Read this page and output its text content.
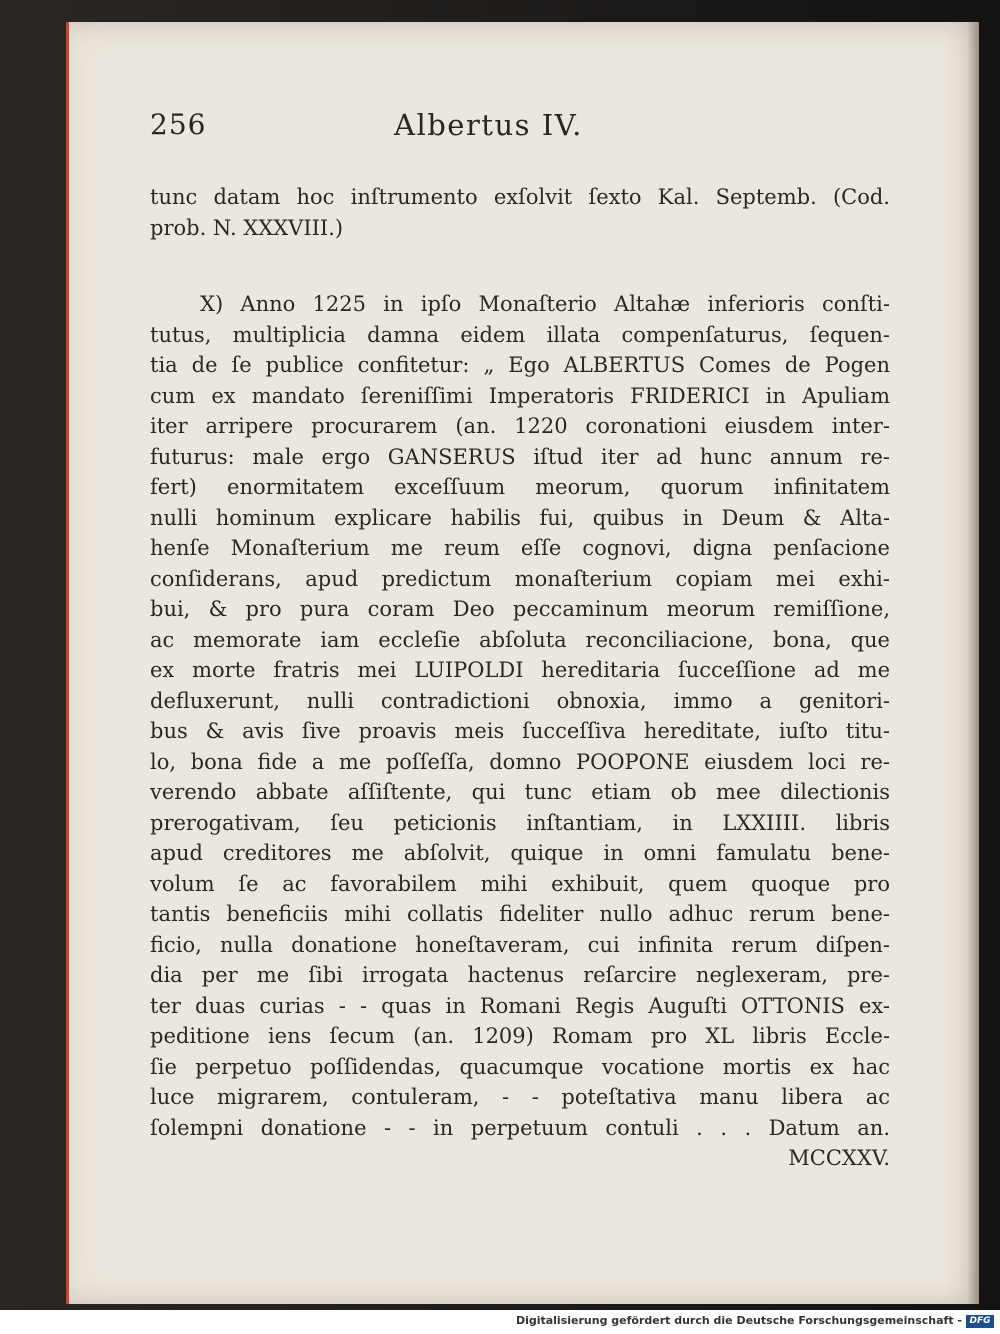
256	Albertus IV.
tunc datam hoc inſtrumento exſolvit ſexto Kal. Septemb. (Cod.
prob. N. XXXVIII.)
X) Anno 1225 in ipſo Monaſterio Altahæ inferioris conſti-
tutus, multiplicia damna eidem illata compenſaturus, ſequen-
tia de ſe publice confitetur: „ Ego ALBERTUS Comes de Pogen
cum ex mandato ſereniſſimi Imperatoris FRIDERICI in Apuliam
iter arripere procurarem (an. 1220 coronationi eiusdem inter-
futurus: male ergo GANSERUS iſtud iter ad hunc annum re-
fert) enormitatem exceſſuum meorum, quorum infinitatem
nulli hominum explicare habilis fui, quibus in Deum & Alta-
henſe Monaſterium me reum eſſe cognovi, digna penſacione
conſiderans, apud predictum monaſterium copiam mei exhi-
bui, & pro pura coram Deo peccaminum meorum remiſſione,
ac memorate iam eccleſie abſoluta reconciliacione, bona, que
ex morte fratris mei LUIPOLDI hereditaria ſucceſſione ad me
defluxerunt, nulli contradictioni obnoxia, immo a genitori-
bus & avis ſive proavis meis ſucceſſiva hereditate, iuſto titu-
lo, bona fide a me poſſeſſa, domno POOPONE eiusdem loci re-
verendo abbate aſſiſtente, qui tunc etiam ob mee dilectionis
prerogativam, ſeu peticionis inſtantiam, in LXXIIII. libris
apud creditores me abſolvit, quique in omni famulatu bene-
volum ſe ac favorabilem mihi exhibuit, quem quoque pro
tantis beneficiis mihi collatis fideliter nullo adhuc rerum bene-
ficio, nulla donatione honeſtaveram, cui infinita rerum diſpen-
dia per me ſibi irrogata hactenus reſarcire neglexeram, pre-
ter duas curias - - quas in Romani Regis Auguſti OTTONIS ex-
peditione iens ſecum (an. 1209) Romam pro XL libris Eccle-
ſie perpetuo poſſidendas, quacumque vocatione mortis ex hac
luce migrarem, contuleram, - - poteſtativa manu libera ac
ſolempni donatione - - in perpetuum contuli . . . Datum an.
MCCXXV.
Digitalisierung gefördert durch die Deutsche Forschungsgemeinschaft - DFG
